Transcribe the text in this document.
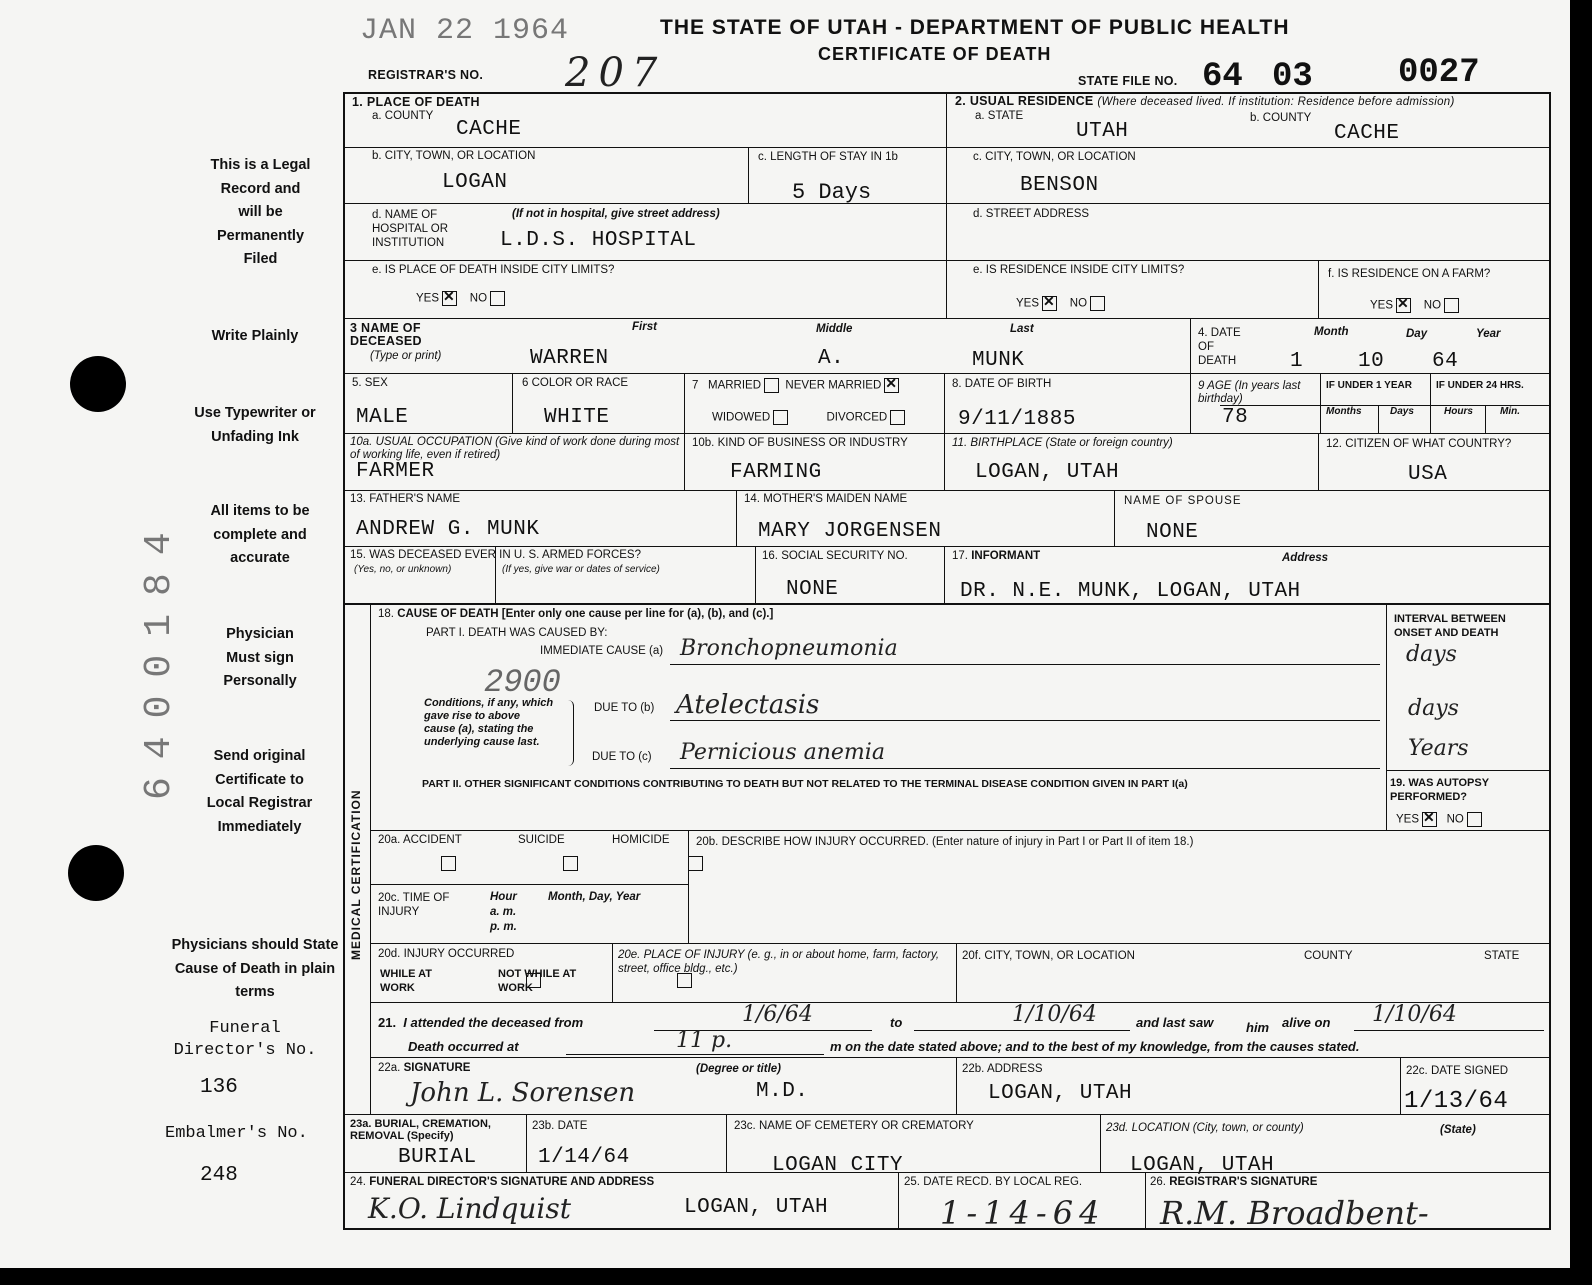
JAN 22 1964	THE STATE OF UTAH - DEPARTMENT OF PUBLIC HEALTH
CERTIFICATE OF DEATH
REGISTRAR'S NO. 207	STATE FILE NO. 64 03	0027
This is a Legal Record and will be Permanently Filed
Write Plainly
Use Typewriter or Unfading Ink
All items to be complete and accurate
Physician Must sign Personally
Send original Certificate to Local Registrar Immediately
Physicians should State Cause of Death in plain terms
Funeral Director's No.
136
Embalmer's No.
248
6400184
1. PLACE OF DEATH
a. COUNTY
CACHE
2. USUAL RESIDENCE (Where deceased lived. If institution: Residence before admission)
a. STATE
UTAH
b. COUNTY
CACHE
b. CITY, TOWN, OR LOCATION
LOGAN
c. LENGTH OF STAY IN 1b
5 Days
c. CITY, TOWN, OR LOCATION
BENSON
d. NAME OF HOSPITAL OR INSTITUTION
(If not in hospital, give street address)
L.D.S. HOSPITAL
d. STREET ADDRESS
e. IS PLACE OF DEATH INSIDE CITY LIMITS?
YES ✕	NO
e. IS RESIDENCE INSIDE CITY LIMITS?
YES ✕	NO
f. IS RESIDENCE ON A FARM?
YES ✕	NO
3 NAME OF DECEASED
(Type or print)
First	Middle	Last
WARREN	A.	MUNK
4. DATE OF DEATH
Month	Day	Year
1	10 64
5. SEX
MALE
6 COLOR OR RACE
WHITE
7   MARRIED NEVER MARRIED✕
WIDOWED	DIVORCED
8. DATE OF BIRTH
9/11/1885
9 AGE (In years last birthday)
78
IF UNDER 1 YEAR IF UNDER 24 HRS.
Months	Days	Hours	Min.
10a. USUAL OCCUPATION (Give kind of work done during most of working life, even if retired)
FARMER
10b. KIND OF BUSINESS OR INDUSTRY
FARMING
11. BIRTHPLACE (State or foreign country)
LOGAN, UTAH
12. CITIZEN OF WHAT COUNTRY?
USA
13. FATHER'S NAME
ANDREW G. MUNK
14. MOTHER'S MAIDEN NAME
MARY JORGENSEN
NAME OF SPOUSE
NONE
15. WAS DECEASED EVER IN U. S. ARMED FORCES?
(Yes, no, or unknown)	(If yes, give war or dates of service)
16. SOCIAL SECURITY NO.
NONE
17. INFORMANT	Address
DR. N.E. MUNK, LOGAN, UTAH
MEDICAL CERTIFICATION
18. CAUSE OF DEATH [Enter only one cause per line for (a), (b), and (c).]
PART I. DEATH WAS CAUSED BY:
IMMEDIATE CAUSE (a) Bronchopneumonia
2900
Conditions, if any, which gave rise to above cause (a), stating the underlying cause last.
DUE TO (b) Atelectasis
DUE TO (c) Pernicious anemia
INTERVAL BETWEEN ONSET AND DEATH
days
days
Years
PART II. OTHER SIGNIFICANT CONDITIONS CONTRIBUTING TO DEATH BUT NOT RELATED TO THE TERMINAL DISEASE CONDITION GIVEN IN PART I(a)	19. WAS AUTOPSY PERFORMED?
YES ✕ NO
20a. ACCIDENT	SUICIDE	HOMICIDE
20b. DESCRIBE HOW INJURY OCCURRED. (Enter nature of injury in Part I or Part II of item 18.)
20c. TIME OF INJURY
Hour
a. m.
p. m.
Month, Day, Year
20d. INJURY OCCURRED
WHILE AT WORK

NOT WHILE AT WORK
20e. PLACE OF INJURY (e. g., in or about home, farm, factory, street, office bldg., etc.)
20f. CITY, TOWN, OR LOCATION	COUNTY	STATE
21.  I attended the deceased from	1/6/64	to	1/10/64	and last saw	him alive on 1/10/64
Death occurred at	11 p.	m on the date stated above; and to the best of my knowledge, from the causes stated.
22a. SIGNATURE	(Degree or title)
John L. Sorensen	M.D.
22b. ADDRESS
LOGAN, UTAH
22c. DATE SIGNED
1/13/64
23a. BURIAL, CREMATION, REMOVAL (Specify)
BURIAL
23b. DATE
1/14/64
23c. NAME OF CEMETERY OR CREMATORY
LOGAN CITY
23d. LOCATION (City, town, or county)	(State)
LOGAN, UTAH
24. FUNERAL DIRECTOR'S SIGNATURE AND ADDRESS
K.O. Lindquist	LOGAN, UTAH
25. DATE RECD. BY LOCAL REG.
1-14-64
26. REGISTRAR'S SIGNATURE
R.M. Broadbent-
